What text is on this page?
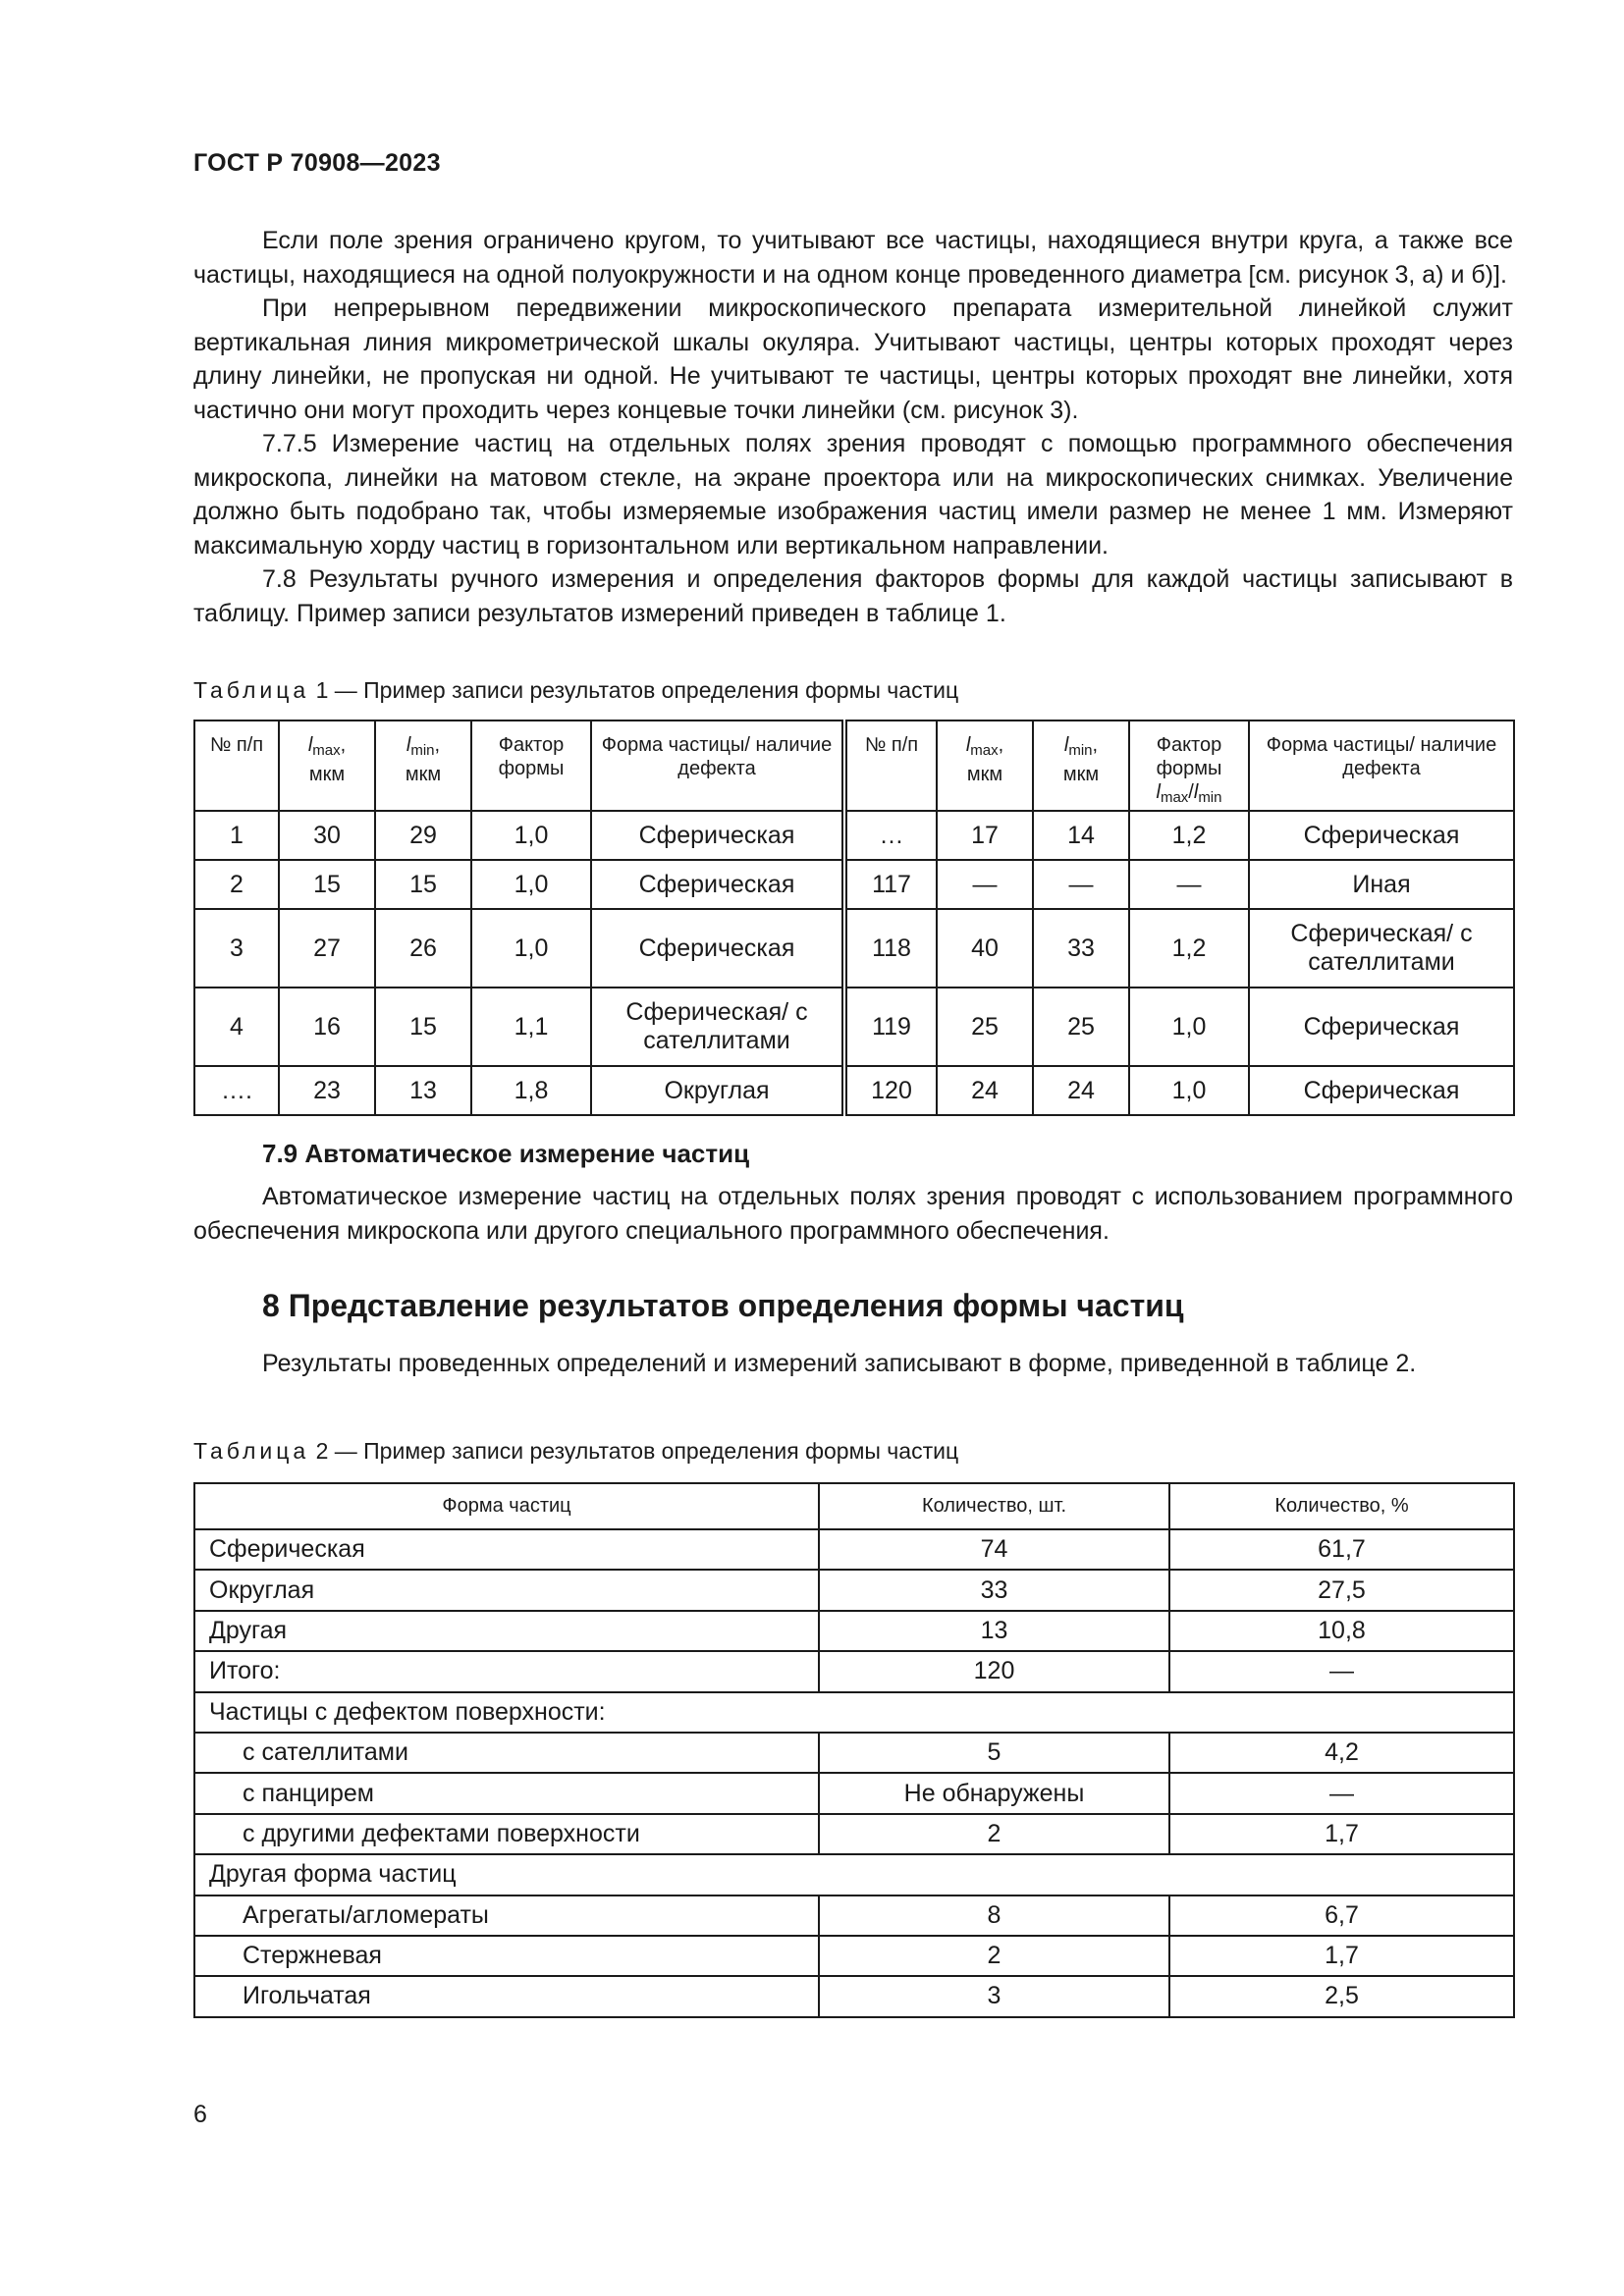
ГОСТ Р 70908—2023

Если поле зрения ограничено кругом, то учитывают все частицы, находящиеся внутри круга, а также все частицы, находящиеся на одной полуокружности и на одном конце проведенного диаметра [см. рисунок 3, а) и б)].

При непрерывном передвижении микроскопического препарата измерительной линейкой служит вертикальная линия микрометрической шкалы окуляра. Учитывают частицы, центры которых проходят через длину линейки, не пропуская ни одной. Не учитывают те частицы, центры которых проходят вне линейки, хотя частично они могут проходить через концевые точки линейки (см. рисунок 3).

7.7.5 Измерение частиц на отдельных полях зрения проводят с помощью программного обеспечения микроскопа, линейки на матовом стекле, на экране проектора или на микроскопических снимках. Увеличение должно быть подобрано так, чтобы измеряемые изображения частиц имели размер не менее 1 мм. Измеряют максимальную хорду частиц в горизонтальном или вертикальном направлении.

7.8 Результаты ручного измерения и определения факторов формы для каждой частицы записывают в таблицу. Пример записи результатов измерений приведен в таблице 1.

Таблица 1 — Пример записи результатов определения формы частиц
№ п/п	$l_{max}$,
мкм	$l_{min}$,
мкм	Фактор формы	Форма частицы/ наличие дефекта	№ п/п	$l_{max}$,
мкм	$l_{min}$,
мкм	Фактор формы
$l_{max}/l_{min}$	Форма частицы/ наличие дефекта
1	30	29	1,0	Сферическая	…	17	14	1,2	Сферическая
2	15	15	1,0	Сферическая	117	—	—	—	Иная
3	27	26	1,0	Сферическая	118	40	33	1,2	Сферическая/ с сателлитами
4	16	15	1,1	Сферическая/ с сателлитами	119	25	25	1,0	Сферическая
….	23	13	1,8	Округлая	120	24	24	1,0	Сферическая
7.9 Автоматическое измерение частиц

Автоматическое измерение частиц на отдельных полях зрения проводят с использованием программного обеспечения микроскопа или другого специального программного обеспечения.

8 Представление результатов определения формы частиц

Результаты проведенных определений и измерений записывают в форме, приведенной в таблице 2.

Таблица 2 — Пример записи результатов определения формы частиц
Форма частиц	Количество, шт.	Количество, %
Сферическая	74	61,7
Округлая	33	27,5
Другая	13	10,8
Итого:	120	—
Частицы с дефектом поверхности:		
с сателлитами	5	4,2
с панцирем	Не обнаружены	—
с другими дефектами поверхности	2	1,7
Другая форма частиц		
Агрегаты/агломераты	8	6,7
Стержневая	2	1,7
Игольчатая	3	2,5
6
